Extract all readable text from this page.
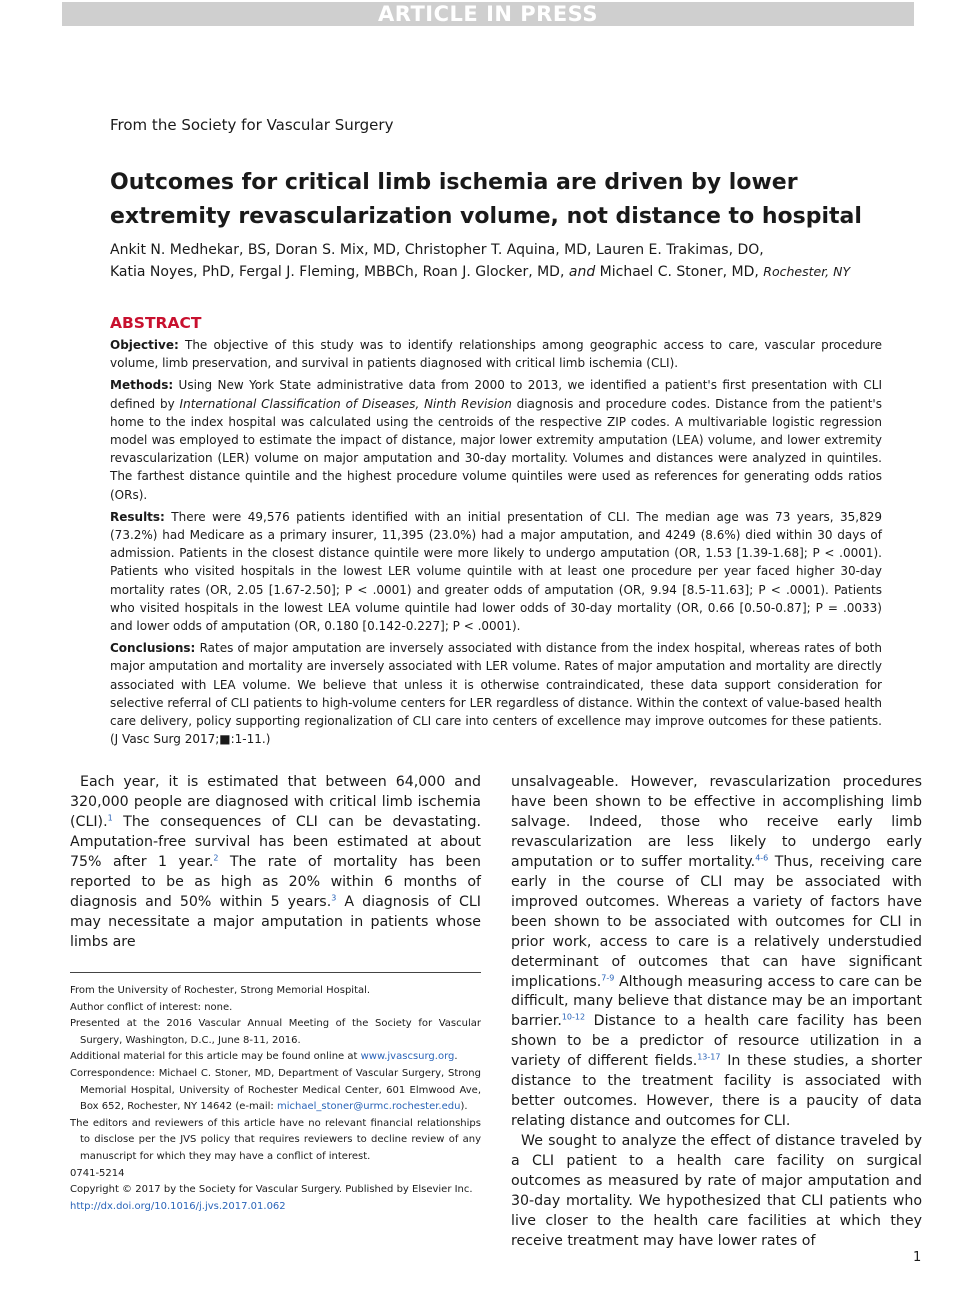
ARTICLE IN PRESS
From the Society for Vascular Surgery
Outcomes for critical limb ischemia are driven by lower extremity revascularization volume, not distance to hospital
Ankit N. Medhekar, BS, Doran S. Mix, MD, Christopher T. Aquina, MD, Lauren E. Trakimas, DO,
Katia Noyes, PhD, Fergal J. Fleming, MBBCh, Roan J. Glocker, MD, and Michael C. Stoner, MD, Rochester, NY
ABSTRACT

Objective: The objective of this study was to identify relationships among geographic access to care, vascular procedure volume, limb preservation, and survival in patients diagnosed with critical limb ischemia (CLI).

Methods: Using New York State administrative data from 2000 to 2013, we identified a patient's first presentation with CLI defined by International Classification of Diseases, Ninth Revision diagnosis and procedure codes. Distance from the patient's home to the index hospital was calculated using the centroids of the respective ZIP codes. A multivariable logistic regression model was employed to estimate the impact of distance, major lower extremity amputation (LEA) volume, and lower extremity revascularization (LER) volume on major amputation and 30-day mortality. Volumes and distances were analyzed in quintiles. The farthest distance quintile and the highest procedure volume quintiles were used as references for generating odds ratios (ORs).

Results: There were 49,576 patients identified with an initial presentation of CLI. The median age was 73 years, 35,829 (73.2%) had Medicare as a primary insurer, 11,395 (23.0%) had a major amputation, and 4249 (8.6%) died within 30 days of admission. Patients in the closest distance quintile were more likely to undergo amputation (OR, 1.53 [1.39-1.68]; P < .0001). Patients who visited hospitals in the lowest LER volume quintile with at least one procedure per year faced higher 30-day mortality rates (OR, 2.05 [1.67-2.50]; P < .0001) and greater odds of amputation (OR, 9.94 [8.5-11.63]; P < .0001). Patients who visited hospitals in the lowest LEA volume quintile had lower odds of 30-day mortality (OR, 0.66 [0.50-0.87]; P = .0033) and lower odds of amputation (OR, 0.180 [0.142-0.227]; P < .0001).

Conclusions: Rates of major amputation are inversely associated with distance from the index hospital, whereas rates of both major amputation and mortality are inversely associated with LER volume. Rates of major amputation and mortality are directly associated with LEA volume. We believe that unless it is otherwise contraindicated, these data support consideration for selective referral of CLI patients to high-volume centers for LER regardless of distance. Within the context of value-based health care delivery, policy supporting regionalization of CLI care into centers of excellence may improve outcomes for these patients. (J Vasc Surg 2017;■:1-11.)

Each year, it is estimated that between 64,000 and 320,000 people are diagnosed with critical limb ischemia (CLI).$^1$ The consequences of CLI can be devastating. Amputation-free survival has been estimated at about 75% after 1 year.$^2$ The rate of mortality has been reported to be as high as 20% within 6 months of diagnosis and 50% within 5 years.$^3$ A diagnosis of CLI may necessitate a major amputation in patients whose limbs are

From the University of Rochester, Strong Memorial Hospital.
Author conflict of interest: none.
Presented at the 2016 Vascular Annual Meeting of the Society for Vascular Surgery, Washington, D.C., June 8-11, 2016.
Additional material for this article may be found online at www.jvascsurg.org.
Correspondence: Michael C. Stoner, MD, Department of Vascular Surgery, Strong Memorial Hospital, University of Rochester Medical Center, 601 Elmwood Ave, Box 652, Rochester, NY 14642 (e-mail: michael_stoner@urmc.rochester.edu).
The editors and reviewers of this article have no relevant financial relationships to disclose per the JVS policy that requires reviewers to decline review of any manuscript for which they may have a conflict of interest.
0741-5214
Copyright © 2017 by the Society for Vascular Surgery. Published by Elsevier Inc.
http://dx.doi.org/10.1016/j.jvs.2017.01.062

unsalvageable. However, revascularization procedures have been shown to be effective in accomplishing limb salvage. Indeed, those who receive early limb revascularization are less likely to undergo early amputation or to suffer mortality.$^{4-6}$ Thus, receiving care early in the course of CLI may be associated with improved outcomes. Whereas a variety of factors have been shown to be associated with outcomes for CLI in prior work, access to care is a relatively understudied determinant of outcomes that can have significant implications.$^{7-9}$ Although measuring access to care can be difficult, many believe that distance may be an important barrier.$^{10-12}$ Distance to a health care facility has been shown to be a predictor of resource utilization in a variety of different fields.$^{13-17}$ In these studies, a shorter distance to the treatment facility is associated with better outcomes. However, there is a paucity of data relating distance and outcomes for CLI.

We sought to analyze the effect of distance traveled by a CLI patient to a health care facility on surgical outcomes as measured by rate of major amputation and 30-day mortality. We hypothesized that CLI patients who live closer to the health care facilities at which they receive treatment may have lower rates of

1
